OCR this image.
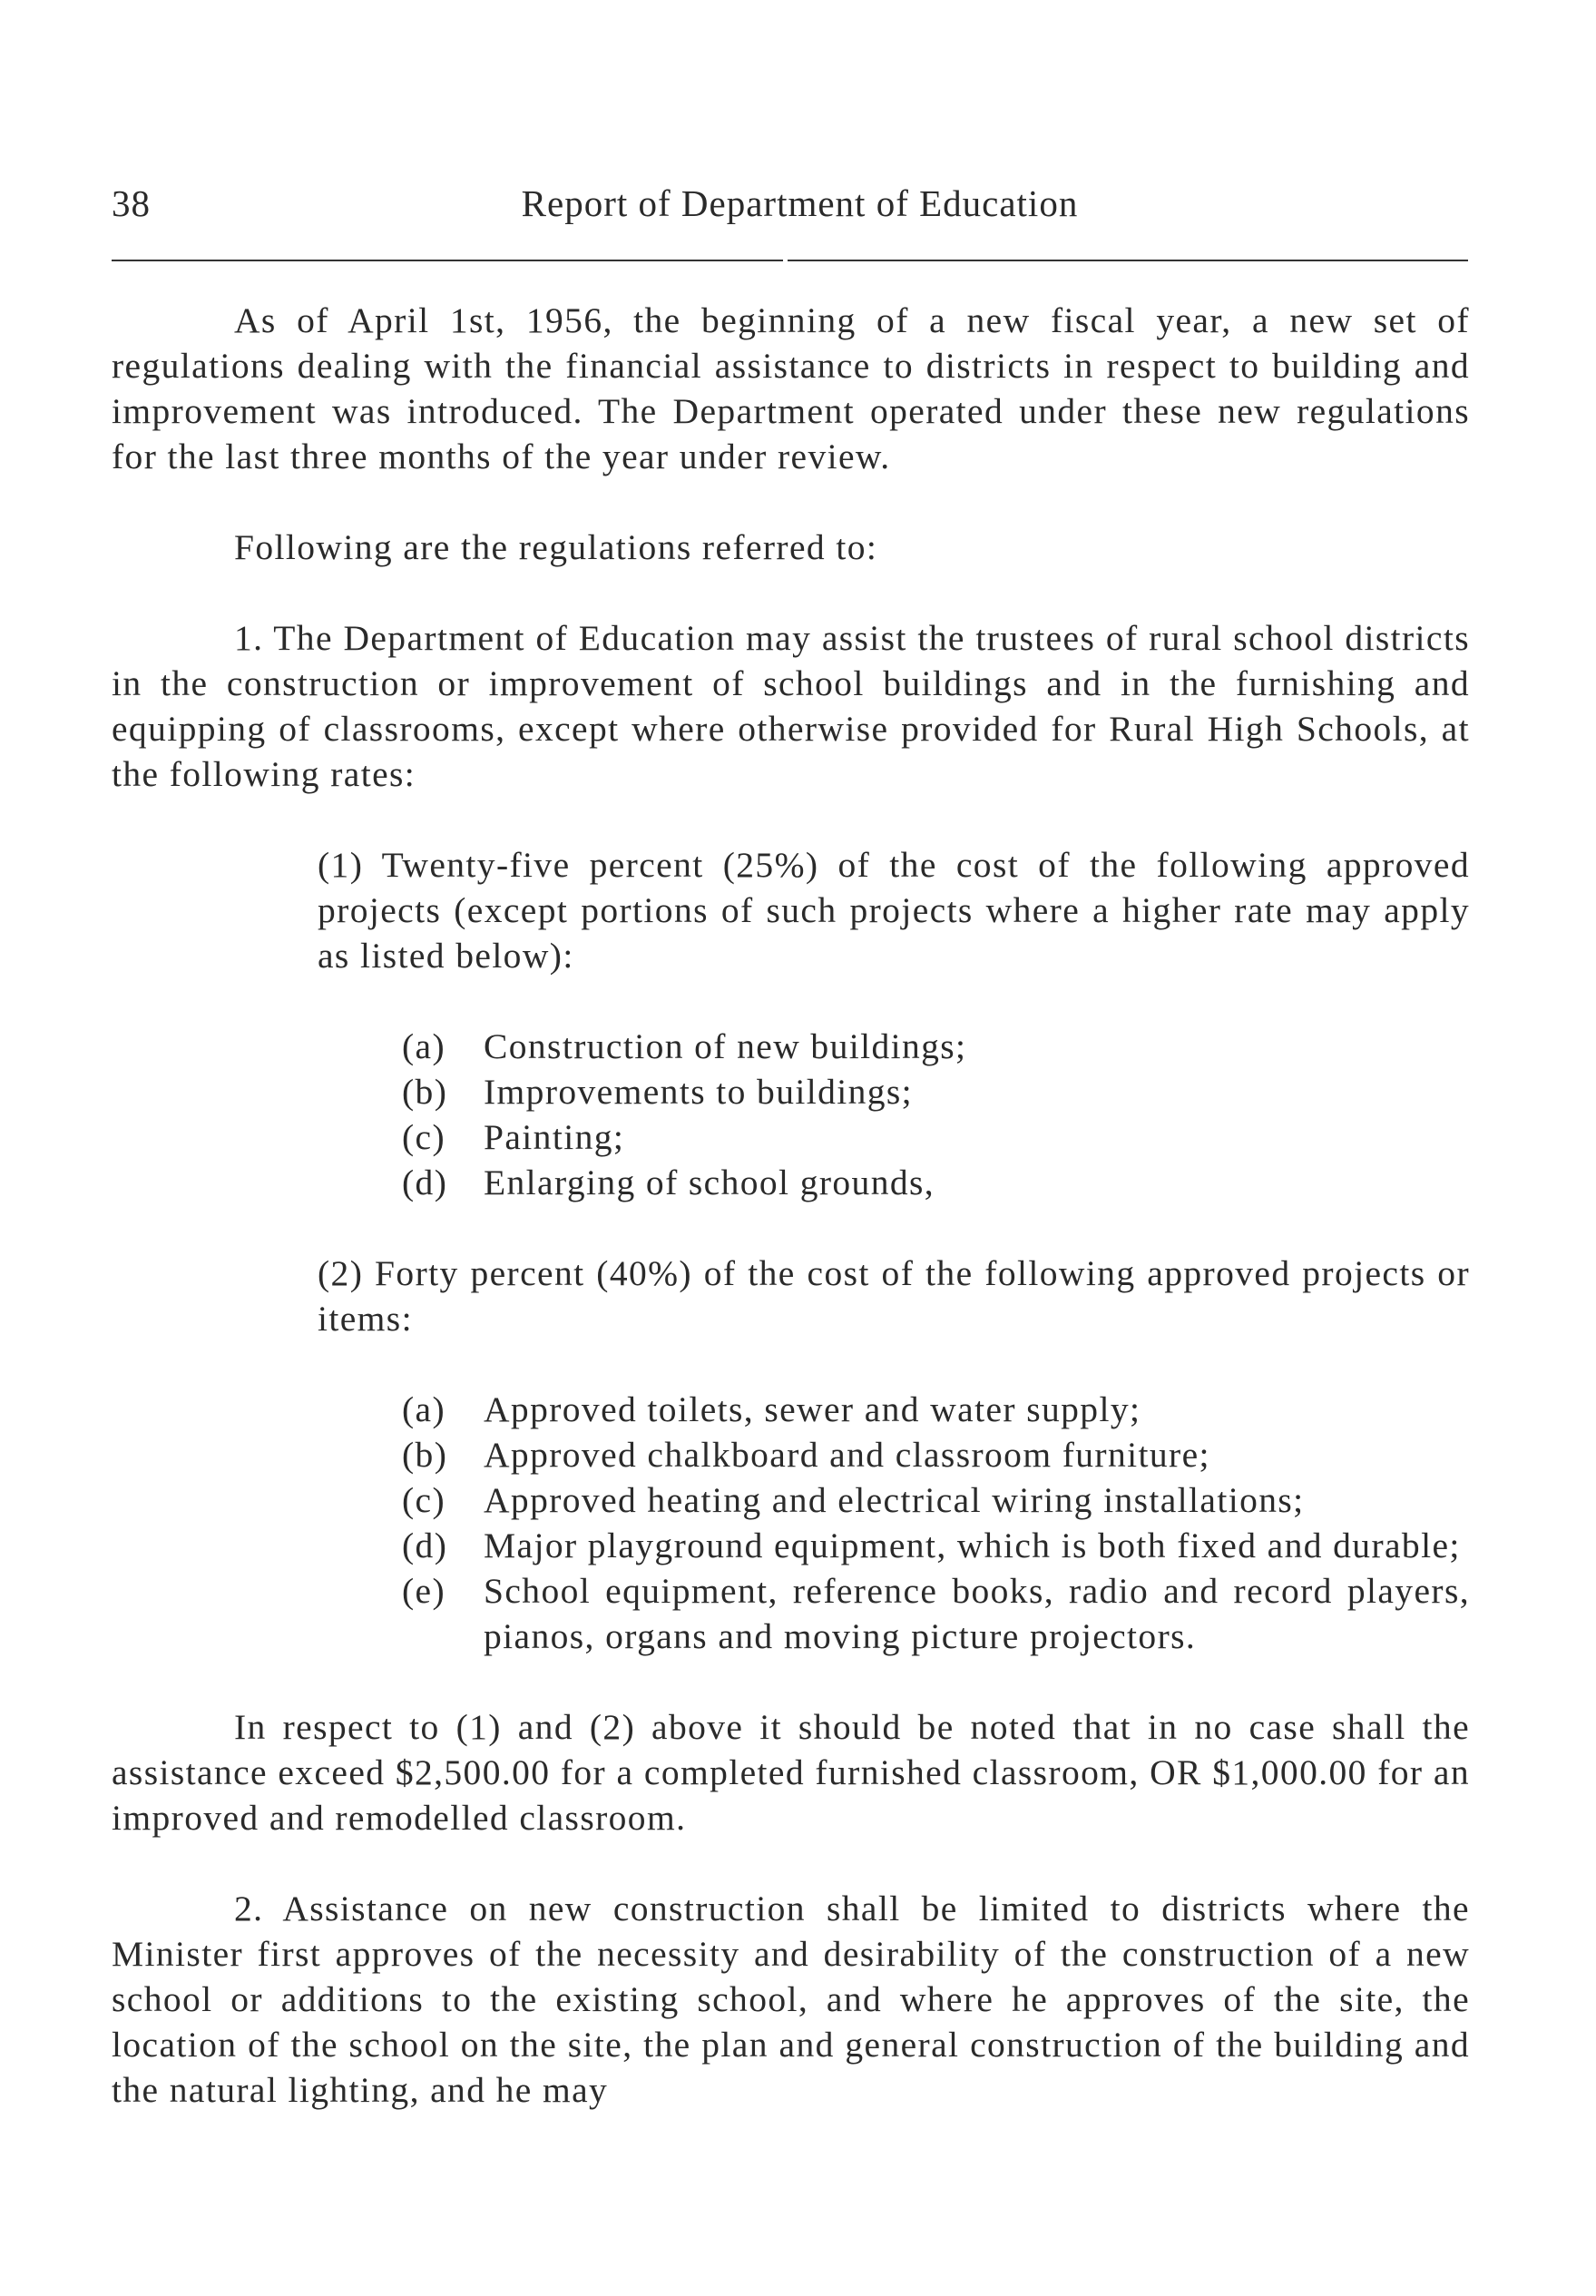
38	Report of Department of Education

As of April 1st, 1956, the beginning of a new fiscal year, a new set of regulations dealing with the financial assistance to districts in respect to building and improvement was introduced. The Department operated under these new regulations for the last three months of the year under review.

Following are the regulations referred to:

1. The Department of Education may assist the trustees of rural school districts in the construction or improvement of school buildings and in the furnishing and equipping of classrooms, except where otherwise provided for Rural High Schools, at the following rates:

(1) Twenty-five percent (25%) of the cost of the following approved projects (except portions of such projects where a higher rate may apply as listed below):

(a)	Construction of new buildings;
(b)	Improvements to buildings;
(c)	Painting;
(d)	Enlarging of school grounds,

(2) Forty percent (40%) of the cost of the following approved projects or items:

(a)	Approved toilets, sewer and water supply;
(b)	Approved chalkboard and classroom furniture;
(c)	Approved heating and electrical wiring installations;
(d)	Major playground equipment, which is both fixed and durable;
(e)	School equipment, reference books, radio and record players, pianos, organs and moving picture projectors.

In respect to (1) and (2) above it should be noted that in no case shall the assistance exceed $2,500.00 for a completed furnished classroom, OR $1,000.00 for an improved and remodelled classroom.

2. Assistance on new construction shall be limited to districts where the Minister first approves of the necessity and desirability of the construction of a new school or additions to the existing school, and where he approves of the site, the location of the school on the site, the plan and general construction of the building and the natural lighting, and he may
